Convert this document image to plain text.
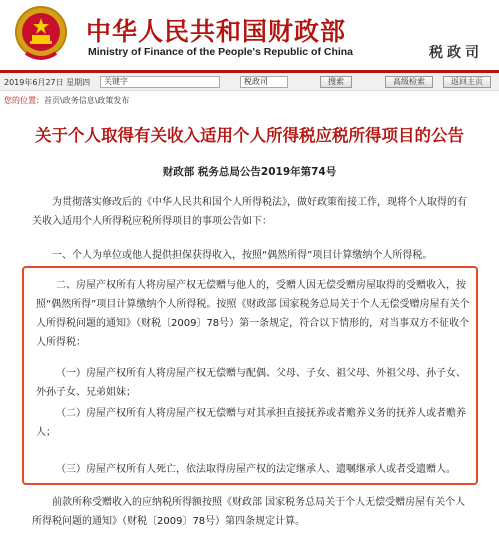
中华人民共和国财政部
Ministry of Finance of the People's Republic of China	税政司
2019年6月27日 星期四	关键字	税政司	搜索	高级检索	返回主页
您的位置：首页\政务信息\政策发布
关于个人取得有关收入适用个人所得税应税所得项目的公告
财政部 税务总局公告2019年第74号
为贯彻落实修改后的《中华人民共和国个人所得税法》，做好政策衔接工作，现将个人取得的有关收入适用个人所得税应税所得项目的事项公告如下：
一、个人为单位或他人提供担保获得收入，按照“偶然所得”项目计算缴纳个人所得税。
二、房屋产权所有人将房屋产权无偿赠与他人的，受赠人因无偿受赠房屋取得的受赠收入，按照“偶然所得”项目计算缴纳个人所得税。按照《财政部 国家税务总局关于个人无偿受赠房屋有关个人所得税问题的通知》（财税〔2009〕78号）第一条规定，符合以下情形的，对当事双方不征收个人所得税：
（一）房屋产权所有人将房屋产权无偿赠与配偶、父母、子女、祖父母、外祖父母、孙子女、外孙子女、兄弟姐妹；
（二）房屋产权所有人将房屋产权无偿赠与对其承担直接抚养或者赡养义务的抚养人或者赡养人；
（三）房屋产权所有人死亡，依法取得房屋产权的法定继承人、遗嘱继承人或者受遗赠人。
前款所称受赠收入的应纳税所得额按照《财政部 国家税务总局关于个人无偿受赠房屋有关个人所得税问题的通知》（财税〔2009〕78号）第四条规定计算。
